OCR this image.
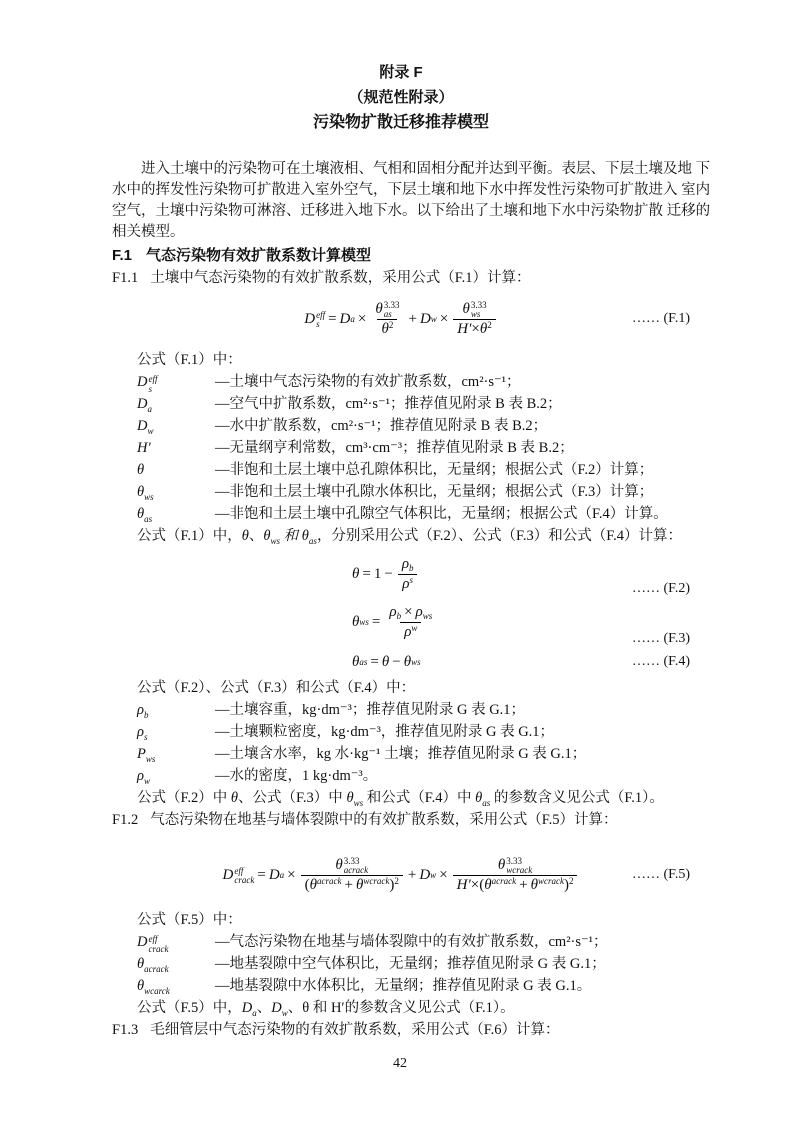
附录 F
（规范性附录）
污染物扩散迁移推荐模型
进入土壤中的污染物可在土壤液相、气相和固相分配并达到平衡。表层、下层土壤及地 下
水中的挥发性污染物可扩散进入室外空气，下层土壤和地下水中挥发性污染物可扩散进入 室内
空气，土壤中污染物可淋溶、迁移进入地下水。以下给出了土壤和地下水中污染物扩散 迁移的
相关模型。
F.1 气态污染物有效扩散系数计算模型
F1.1 土壤中气态污染物的有效扩散系数，采用公式（F.1）计算：
D eff
s = D a × θ 3.33
as
$\theta^2 + D$ w × θ 3.33
ws
$H' \times \theta^2$	…… (F.1)
公式（F.1）中：
D eff
s	—土壤中气态污染物的有效扩散系数，cm²·s⁻¹；
$D_a$	—空气中扩散系数，cm²·s⁻¹；推荐值见附录 B 表 B.2；
$D_w$	—水中扩散系数，cm²·s⁻¹；推荐值见附录 B 表 B.2；
H′	—无量纲亨利常数，cm³·cm⁻³；推荐值见附录 B 表 B.2；
θ	—非饱和土层土壤中总孔隙体积比，无量纲；根据公式（F.2）计算；
$\theta_{ws}$	—非饱和土层土壤中孔隙水体积比，无量纲；根据公式（F.3）计算；
$\theta_{as}$	—非饱和土层土壤中孔隙空气体积比，无量纲；根据公式（F.4）计算。
公式（F.1）中，θ、$\theta_{ws}$ 和 $\theta_{as}$，分别采用公式（F.2）、公式（F.3）和公式（F.4）计算：
$\theta = 1 - \frac{\rho _b}{\rho ^s}$	…… (F.2)
θ ws = $\frac{\rho _b \times \rho _{ws}}{\rho ^w}$	…… (F.3)
θ as = θ − θ ws	…… (F.4)
公式（F.2）、公式（F.3）和公式（F.4）中：
$\rho_b$	—土壤容重，kg·dm⁻³；推荐值见附录 G 表 G.1；
$\rho_s$	—土壤颗粒密度，kg·dm⁻³，推荐值见附录 G 表 G.1；
$P_{ws}$	—土壤含水率，kg 水·kg⁻¹ 土壤；推荐值见附录 G 表 G.1；
$\rho_w$	—水的密度，1 kg·dm⁻³。
公式（F.2）中 θ、公式（F.3）中 $\theta_{ws}$ 和公式（F.4）中 $\theta_{as}$ 的参数含义见公式（F.1）。
F1.2 气态污染物在地基与墙体裂隙中的有效扩散系数，采用公式（F.5）计算：
D eff
crack = D a × θ 3.33
acrack
( θ $^{acrack}$ + θ $^{wcrack}$ )$^2$ + D w × θ 3.33
wcrack
H′ × ( θ $^{acrack}$ + θ $^{wcrack}$ )$^2$	…… (F.5)
公式（F.5）中：
D eff
crack	—气态污染物在地基与墙体裂隙中的有效扩散系数，cm²·s⁻¹；
$\theta_{acrack}$	—地基裂隙中空气体积比，无量纲；推荐值见附录 G 表 G.1；
$\theta_{wcarck}$	—地基裂隙中水体积比，无量纲；推荐值见附录 G 表 G.1。
公式（F.5）中，$D_a$、$D_w$、θ 和 H′的参数含义见公式（F.1）。
F1.3 毛细管层中气态污染物的有效扩散系数，采用公式（F.6）计算：
42
